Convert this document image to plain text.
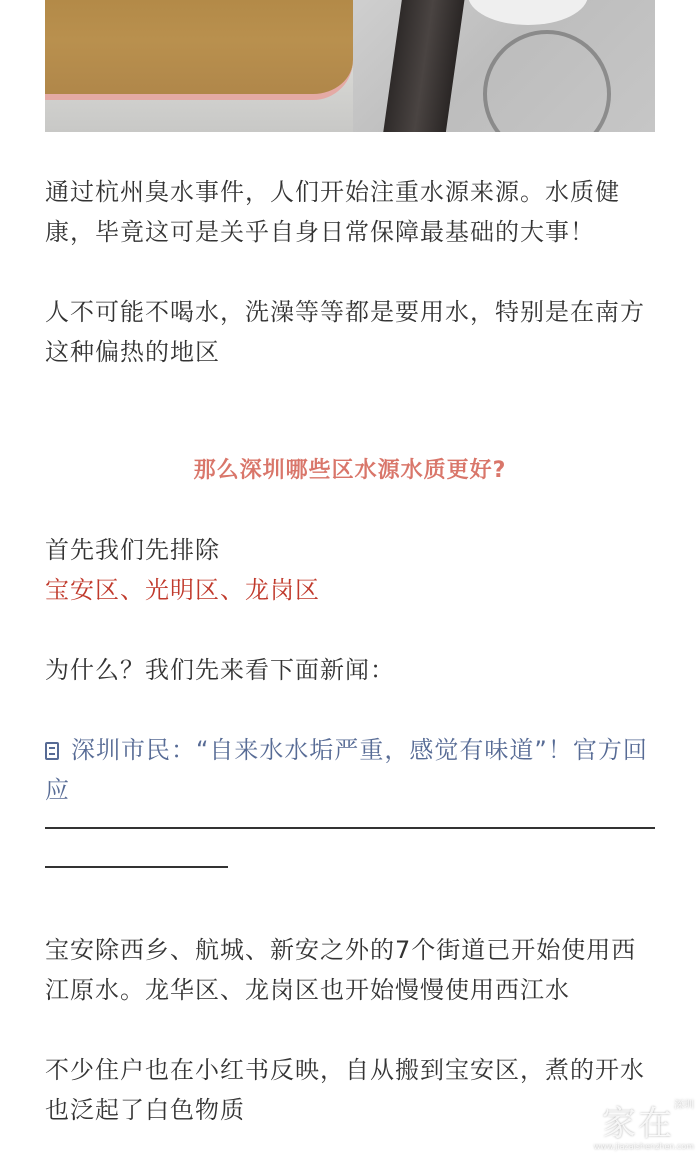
通过杭州臭水事件，人们开始注重水源来源。水质健康，毕竟这可是关乎自身日常保障最基础的大事！

人不可能不喝水，洗澡等等都是要用水，特别是在南方这种偏热的地区

那么深圳哪些区水源水质更好?

首先我们先排除

宝安区、光明区、龙岗区

为什么？我们先来看下面新闻：

深圳市民：“自来水水垢严重，感觉有味道”！官方回应

宝安除西乡、航城、新安之外的7个街道已开始使用西江原水。龙华区、龙岗区也开始慢慢使用西江水

不少住户也在小红书反映，自从搬到宝安区，煮的开水也泛起了白色物质	家在$^{深圳}$
www.jiazaishenzhen.com
